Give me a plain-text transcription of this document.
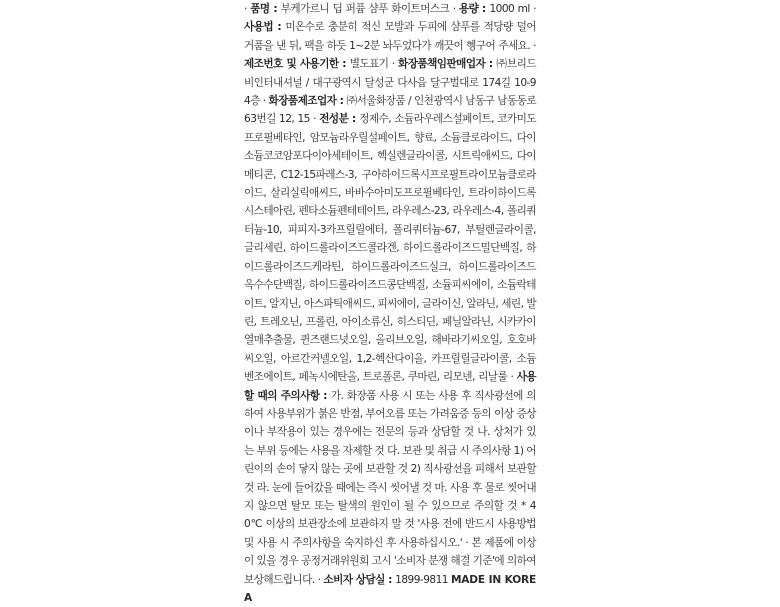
· 품명 : 부케가르니 딥 퍼퓸 샴푸 화이트머스크 · 용량 : 1000 ml · 사용법 : 미온수로 충분히 적신 모발과 두피에 샴푸를 적당량 덜어 거품을 낸 뒤, 팩을 하듯 1~2분 놔두었다가 깨끗이 헹구어 주세요. · 제조번호 및 사용기한 : 별도표기 · 화장품책임판매업자 : ㈜브리드비인터내셔널 / 대구광역시 달성군 다사읍 달구벌대로 174길 10-9 4층 · 화장품제조업자 : ㈜서울화장품 / 인천광역시 남동구 남동동로63번길 12, 15 · 전성분 : 정제수, 소듐라우레스설페이트, 코카미도프로필베타인, 암모늄라우릴설페이트, 향료, 소듐클로라이드, 다이소듐코코암포다이아세테이트, 헥실렌글라이콜, 시트릭애씨드, 다이메티콘, C12-15파레스-3, 구아하이드록시프로필트라이모늄클로라이드, 살리실릭애씨드, 바바수아미도프로필베타인, 트라이하이드록시스테아린, 펜타소듐펜테테이트, 라우레스-23, 라우레스-4, 폴리쿼터늄-10, 피피지-3카프릴릴에터, 폴리쿼터늄-67, 부틸렌글라이콜, 글리세린, 하이드롤라이즈드콜라겐, 하이드롤라이즈드밀단백질, 하이드롤라이즈드케라틴, 하이드롤라이즈드실크, 하이드롤라이즈드옥수수단백질, 하이드롤라이즈드콩단백질, 소듐피씨에이, 소듐락테이트, 알지닌, 아스파틱애씨드, 피씨에이, 글라이신, 알라닌, 세린, 발린, 트레오닌, 프롤린, 아이소류신, 히스티딘, 페닐알라닌, 시카카이열매추출물, 퀸즈랜드넛오일, 올리브오일, 해바라기씨오일, 호호바씨오일, 아르간커넬오일, 1,2-헥산다이올, 카프릴릴글라이콜, 소듐벤조에이트, 페녹시에탄올, 트로폴론, 쿠마린, 리모넨, 리날룰 · 사용할 때의 주의사항 : 가. 화장품 사용 시 또는 사용 후 직사광선에 의하여 사용부위가 붉은 반점, 부어오름 또는 가려움증 등의 이상 증상이나 부작용이 있는 경우에는 전문의 등과 상담할 것 나. 상처가 있는 부위 등에는 사용을 자제할 것 다. 보관 및 취급 시 주의사항 1) 어린이의 손이 닿지 않는 곳에 보관할 것 2) 직사광선을 피해서 보관할 것 라. 눈에 들어갔을 때에는 즉시 씻어낼 것 마. 사용 후 물로 씻어내지 않으면 탈모 또는 탈색의 원인이 될 수 있으므로 주의할 것 * 40℃ 이상의 보관장소에 보관하지 말 것 '사용 전에 반드시 사용방법 및 사용 시 주의사항을 숙지하신 후 사용하십시오.' · 본 제품에 이상이 있을 경우 공정거래위원회 고시 '소비자 분쟁 해결 기준'에 의하여 보상해드립니다. · 소비자 상담실 : 1899-9811 MADE IN KOREA
